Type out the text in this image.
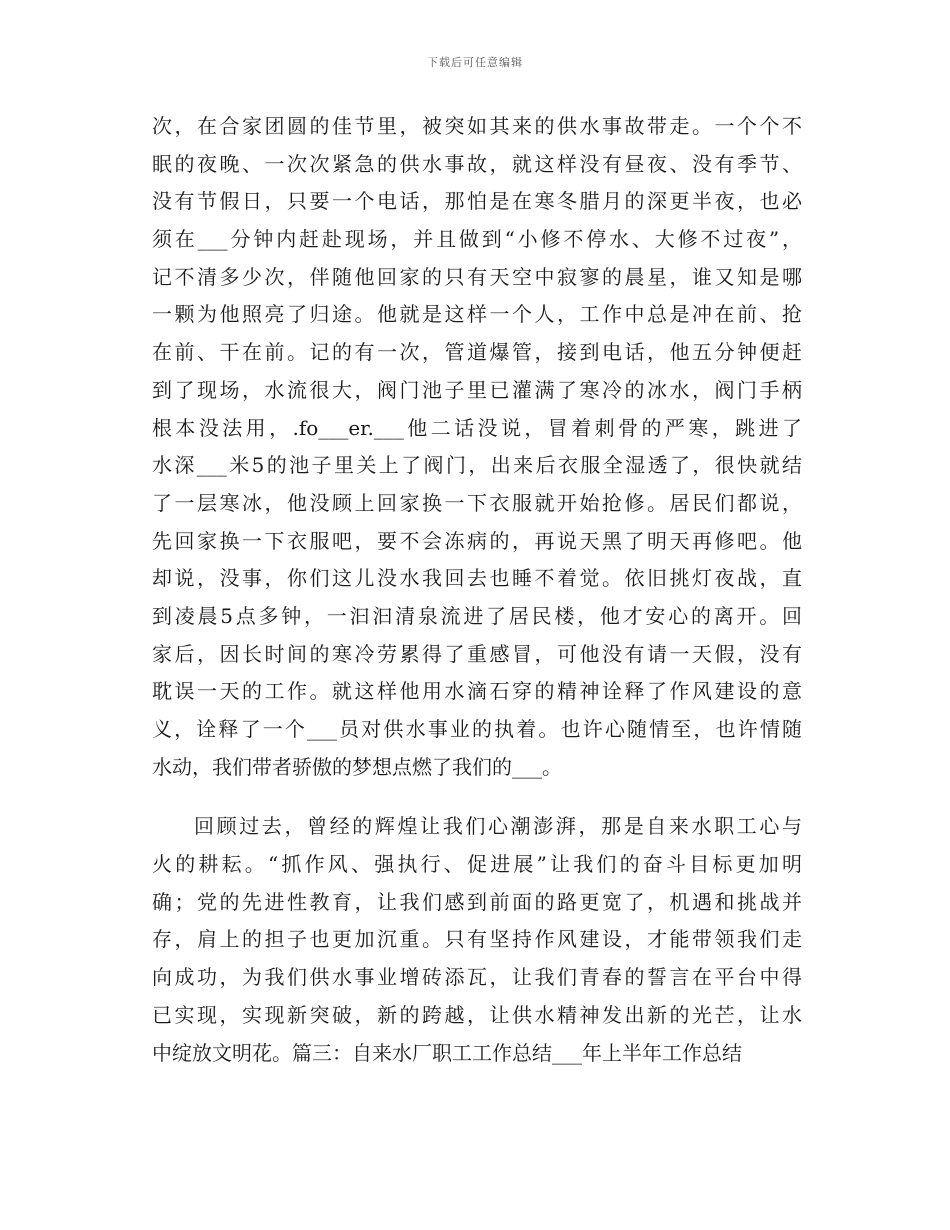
下载后可任意编辑
次，在合家团圆的佳节里，被突如其来的供水事故带走。一个个不
眠的夜晚、一次次紧急的供水事故，就这样没有昼夜、没有季节、
没有节假日，只要一个电话，那怕是在寒冬腊月的深更半夜，也必
须在___分钟内赶赴现场，并且做到“小修不停水、大修不过夜”，
记不清多少次，伴随他回家的只有天空中寂寥的晨星，谁又知是哪
一颗为他照亮了归途。他就是这样一个人，工作中总是冲在前、抢
在前、干在前。记的有一次，管道爆管，接到电话，他五分钟便赶
到了现场，水流很大，阀门池子里已灌满了寒冷的冰水，阀门手柄
根本没法用，.fo___er.___他二话没说，冒着刺骨的严寒，跳进了
水深___米5的池子里关上了阀门，出来后衣服全湿透了，很快就结
了一层寒冰，他没顾上回家换一下衣服就开始抢修。居民们都说，
先回家换一下衣服吧，要不会冻病的，再说天黑了明天再修吧。他
却说，没事，你们这儿没水我回去也睡不着觉。依旧挑灯夜战，直
到凌晨5点多钟，一汩汩清泉流进了居民楼，他才安心的离开。回
家后，因长时间的寒冷劳累得了重感冒，可他没有请一天假，没有
耽误一天的工作。就这样他用水滴石穿的精神诠释了作风建设的意
义，诠释了一个___员对供水事业的执着。也许心随情至，也许情随
水动，我们带者骄傲的梦想点燃了我们的___。
回顾过去，曾经的辉煌让我们心潮澎湃，那是自来水职工心与
火的耕耘。“抓作风、强执行、促进展”让我们的奋斗目标更加明
确；党的先进性教育，让我们感到前面的路更宽了，机遇和挑战并
存，肩上的担子也更加沉重。只有坚持作风建设，才能带领我们走
向成功，为我们供水事业增砖添瓦，让我们青春的誓言在平台中得
已实现，实现新突破，新的跨越，让供水精神发出新的光芒，让水
中绽放文明花。篇三：自来水厂职工工作总结___年上半年工作总结
